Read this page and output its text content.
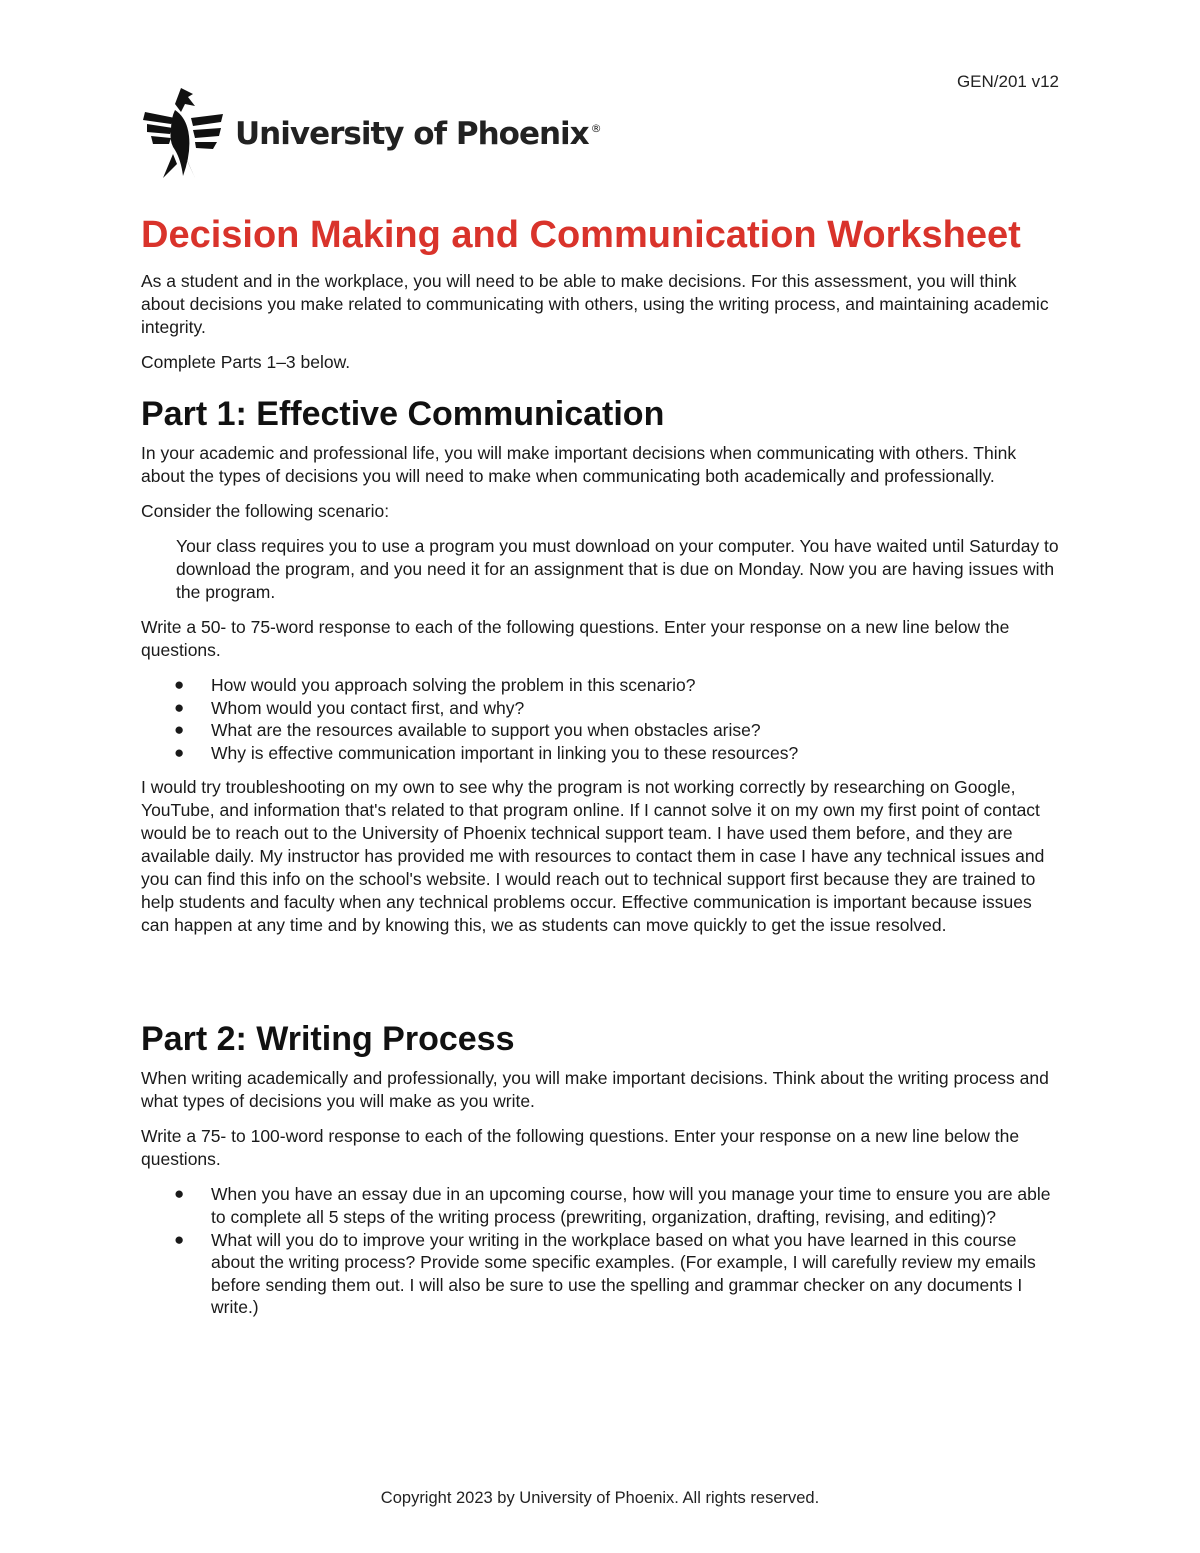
GEN/201 v12
University of Phoenix ®
Decision Making and Communication Worksheet

As a student and in the workplace, you will need to be able to make decisions. For this assessment, you will think about decisions you make related to communicating with others, using the writing process, and maintaining academic integrity.

Complete Parts 1–3 below.

Part 1: Effective Communication

In your academic and professional life, you will make important decisions when communicating with others. Think about the types of decisions you will need to make when communicating both academically and professionally.

Consider the following scenario:

Your class requires you to use a program you must download on your computer. You have waited until Saturday to download the program, and you need it for an assignment that is due on Monday. Now you are having issues with the program.

Write a 50- to 75-word response to each of the following questions. Enter your response on a new line below the questions.

● How would you approach solving the problem in this scenario?
● Whom would you contact first, and why?
● What are the resources available to support you when obstacles arise?
● Why is effective communication important in linking you to these resources?

I would try troubleshooting on my own to see why the program is not working correctly by researching on Google, YouTube, and information that's related to that program online. If I cannot solve it on my own my first point of contact would be to reach out to the University of Phoenix technical support team. I have used them before, and they are available daily. My instructor has provided me with resources to contact them in case I have any technical issues and you can find this info on the school's website. I would reach out to technical support first because they are trained to help students and faculty when any technical problems occur. Effective communication is important because issues can happen at any time and by knowing this, we as students can move quickly to get the issue resolved.

Part 2: Writing Process

When writing academically and professionally, you will make important decisions. Think about the writing process and what types of decisions you will make as you write.

Write a 75- to 100-word response to each of the following questions. Enter your response on a new line below the questions.

● When you have an essay due in an upcoming course, how will you manage your time to ensure you are able to complete all 5 steps of the writing process (prewriting, organization, drafting, revising, and editing)?
● What will you do to improve your writing in the workplace based on what you have learned in this course about the writing process? Provide some specific examples. (For example, I will carefully review my emails before sending them out. I will also be sure to use the spelling and grammar checker on any documents I write.)
Copyright 2023 by University of Phoenix. All rights reserved.
